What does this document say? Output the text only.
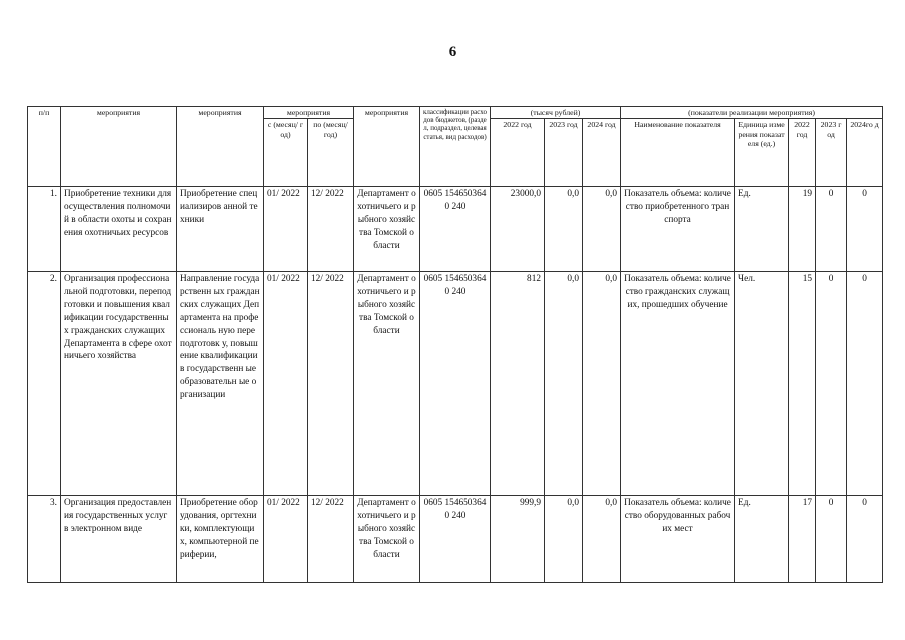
6
п/п	мероприятия	мероприятия	мероприятия		мероприятия	классификации расходов бюджетов, (раздел, подраздел, целевая статья, вид расходов)	(тысяч рублей)			(показатели реализации мероприятия)				
			с (месяц/ год)	по (месяц/ год)			2022 год	2023 год	2024 год	Наименование показателя	Единица измерения показателя (ед.)	2022 год	2023 год	2024го д
1.	Приобретение техники для осуществления полномочий в области охоты и сохранения охотничьих ресурсов	Приобретение специализиров анной техники	01/ 2022	12/ 2022	Департамент охотничьего и рыбного хозяйства Томской области	0605 1546503640 240	23000,0	0,0	0,0	Показатель объема: количество приобретенного транспорта	Ед.	19	0	0
2.	Организация профессиональной подготовки, переподготовки и повышения квалификации государственных гражданских служащих Департамента в сфере охотничьего хозяйства	Направление государственн ых гражданских служащих Департамента на профессиональ ную переподготовк у, повышение квалификации в государственн ые образовательн ые организации	01/ 2022	12/ 2022	Департамент охотничьего и рыбного хозяйства Томской области	0605 1546503640 240	812	0,0	0,0	Показатель объема: количество гражданских служащих, прошедших обучение	Чел.	15	0	0
3.	Организация предоставления государственных услуг в электронном виде	Приобретение оборудования, оргтехники, комплектующи х, компьютерной периферии,	01/ 2022	12/ 2022	Департамент охотничьего и рыбного хозяйства Томской области	0605 1546503640 240	999,9	0,0	0,0	Показатель объема: количество оборудованных рабочих мест	Ед.	17	0	0
